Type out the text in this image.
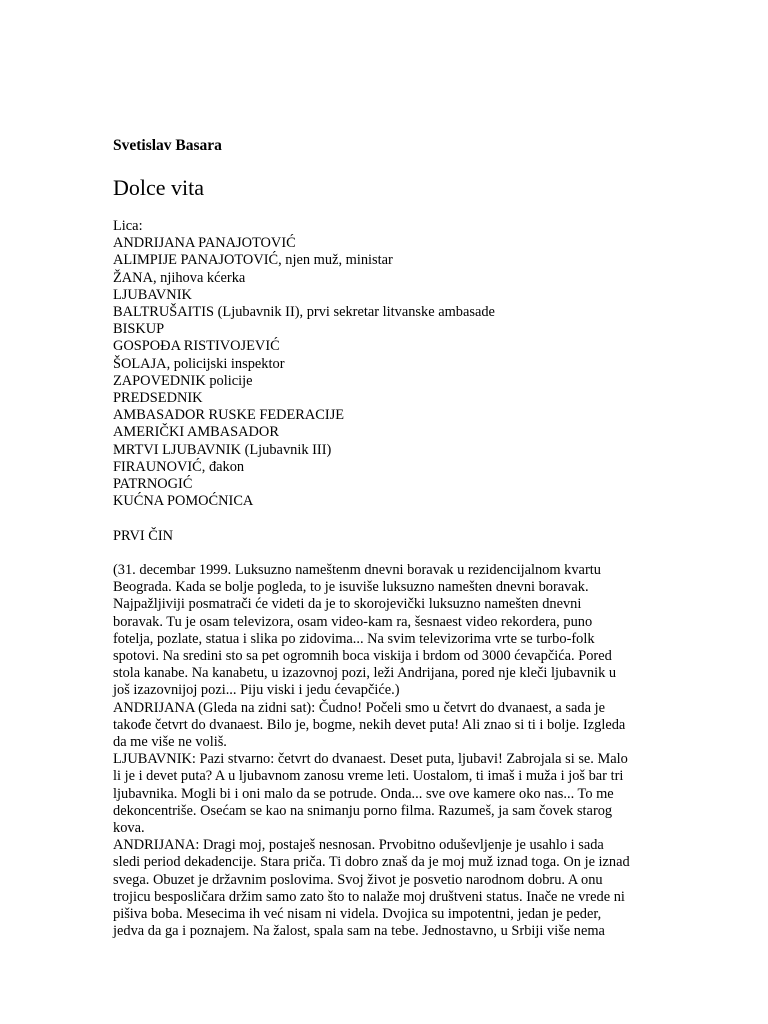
Svetislav Basara

Dolce vita
Lica:
ANDRIJANA PANAJOTOVIĆ
ALIMPIJE PANAJOTOVIĆ, njen muž, ministar
ŽANA, njihova kćerka
LJUBAVNIK
BALTRUŠAITIS (Ljubavnik II), prvi sekretar litvanske ambasade
BISKUP
GOSPOĐA RISTIVOJEVIĆ
ŠOLAJA, policijski inspektor
ZAPOVEDNIK policije
PREDSEDNIK
AMBASADOR RUSKE FEDERACIJE
AMERIČKI AMBASADOR
MRTVI LJUBAVNIK (Ljubavnik III)
FIRAUNOVIĆ, đakon
PATRNOGIĆ
KUĆNA POMOĆNICA
PRVI ČIN
(31. decembar 1999. Luksuzno nameštenm dnevni boravak u rezidencijalnom kvartu
Beograda. Kada se bolje pogleda, to je isuviše luksuzno namešten dnevni boravak.
Najpažljiviji posmatrači će videti da je to skorojevički luksuzno namešten dnevni
boravak. Tu je osam televizora, osam video-kam ra, šesnaest video rekordera, puno
fotelja, pozlate, statua i slika po zidovima... Na svim televizorima vrte se turbo-folk
spotovi. Na sredini sto sa pet ogromnih boca viskija i brdom od 3000 ćevapčića. Pored
stola kanabe. Na kanabetu, u izazovnoj pozi, leži Andrijana, pored nje kleči ljubavnik u
još izazovnijoj pozi... Piju viski i jedu ćevapčiće.)
ANDRIJANA (Gleda na zidni sat): Čudno! Počeli smo u četvrt do dvanaest, a sada je
takođe četvrt do dvanaest. Bilo je, bogme, nekih devet puta! Ali znao si ti i bolje. Izgleda
da me više ne voliš.
LJUBAVNIK: Pazi stvarno: četvrt do dvanaest. Deset puta, ljubavi! Zabrojala si se. Malo
li je i devet puta? A u ljubavnom zanosu vreme leti. Uostalom, ti imaš i muža i još bar tri
ljubavnika. Mogli bi i oni malo da se potrude. Onda... sve ove kamere oko nas... To me
dekoncentriše. Osećam se kao na snimanju porno filma. Razumeš, ja sam čovek starog
kova.
ANDRIJANA: Dragi moj, postaješ nesnosan. Prvobitno oduševljenje je usahlo i sada
sledi period dekadencije. Stara priča. Ti dobro znaš da je moj muž iznad toga. On je iznad
svega. Obuzet je državnim poslovima. Svoj život je posvetio narodnom dobru. A onu
trojicu besposličara držim samo zato što to nalaže moj društveni status. Inače ne vrede ni
pišiva boba. Mesecima ih već nisam ni videla. Dvojica su impotentni, jedan je peder,
jedva da ga i poznajem. Na žalost, spala sam na tebe. Jednostavno, u Srbiji više nema
